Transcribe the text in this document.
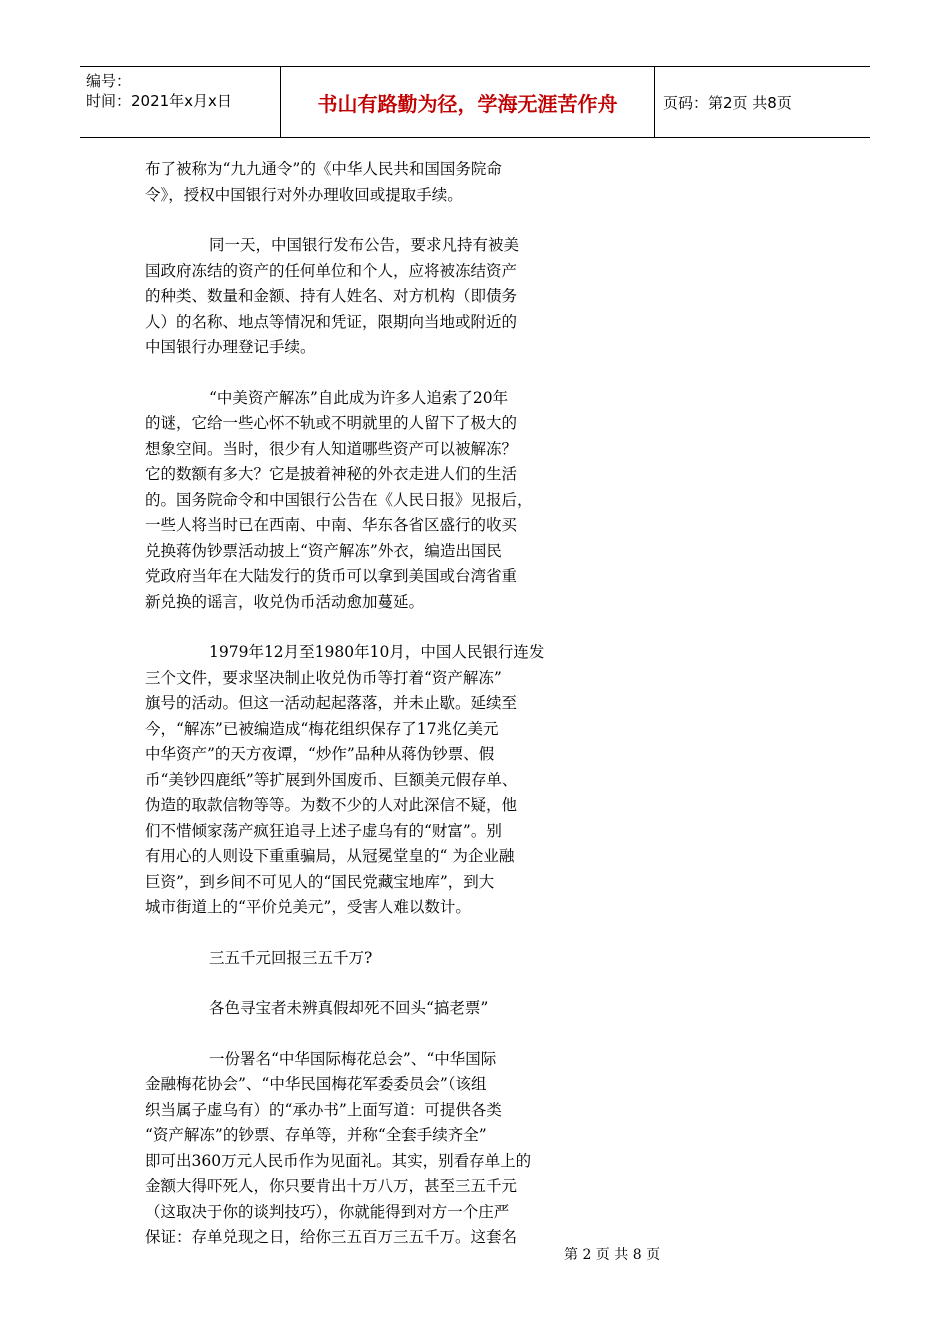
编号：
时间：2021年x月x日	书山有路勤为径，学海无涯苦作舟	页码：第2页 共8页
布了被称为“九九通令”的《中华人民共和国国务院命
令》，授权中国银行对外办理收回或提取手续。
同一天，中国银行发布公告，要求凡持有被美
国政府冻结的资产的任何单位和个人，应将被冻结资产
的种类、数量和金额、持有人姓名、对方机构（即债务
人）的名称、地点等情况和凭证，限期向当地或附近的
中国银行办理登记手续。
“中美资产解冻”自此成为许多人追索了20年
的谜，它给一些心怀不轨或不明就里的人留下了极大的
想象空间。当时，很少有人知道哪些资产可以被解冻？
它的数额有多大？它是披着神秘的外衣走进人们的生活
的。国务院命令和中国银行公告在《人民日报》见报后，
一些人将当时已在西南、中南、华东各省区盛行的收买
兑换蒋伪钞票活动披上“资产解冻”外衣，编造出国民
党政府当年在大陆发行的货币可以拿到美国或台湾省重
新兑换的谣言，收兑伪币活动愈加蔓延。
1979年12月至1980年10月，中国人民银行连发
三个文件，要求坚决制止收兑伪币等打着“资产解冻”
旗号的活动。但这一活动起起落落，并未止歇。延续至
今，“解冻”已被编造成“梅花组织保存了17兆亿美元
中华资产”的天方夜谭，“炒作”品种从蒋伪钞票、假
币“美钞四鹿纸”等扩展到外国废币、巨额美元假存单、
伪造的取款信物等等。为数不少的人对此深信不疑，他
们不惜倾家荡产疯狂追寻上述子虚乌有的“财富”。别
有用心的人则设下重重骗局，从冠冕堂皇的“ 为企业融
巨资”，到乡间不可见人的“国民党藏宝地库”，到大
城市街道上的“平价兑美元”，受害人难以数计。
三五千元回报三五千万?
各色寻宝者未辨真假却死不回头“搞老票”
一份署名“中华国际梅花总会”、“中华国际
金融梅花协会”、“中华民国梅花军委委员会”（该组
织当属子虚乌有）的“承办书”上面写道：可提供各类
“资产解冻”的钞票、存单等，并称“全套手续齐全”
即可出360万元人民币作为见面礼。其实，别看存单上的
金额大得吓死人，你只要肯出十万八万，甚至三五千元
（这取决于你的谈判技巧），你就能得到对方一个庄严
保证：存单兑现之日，给你三五百万三五千万。这套名
第 2 页 共 8 页
